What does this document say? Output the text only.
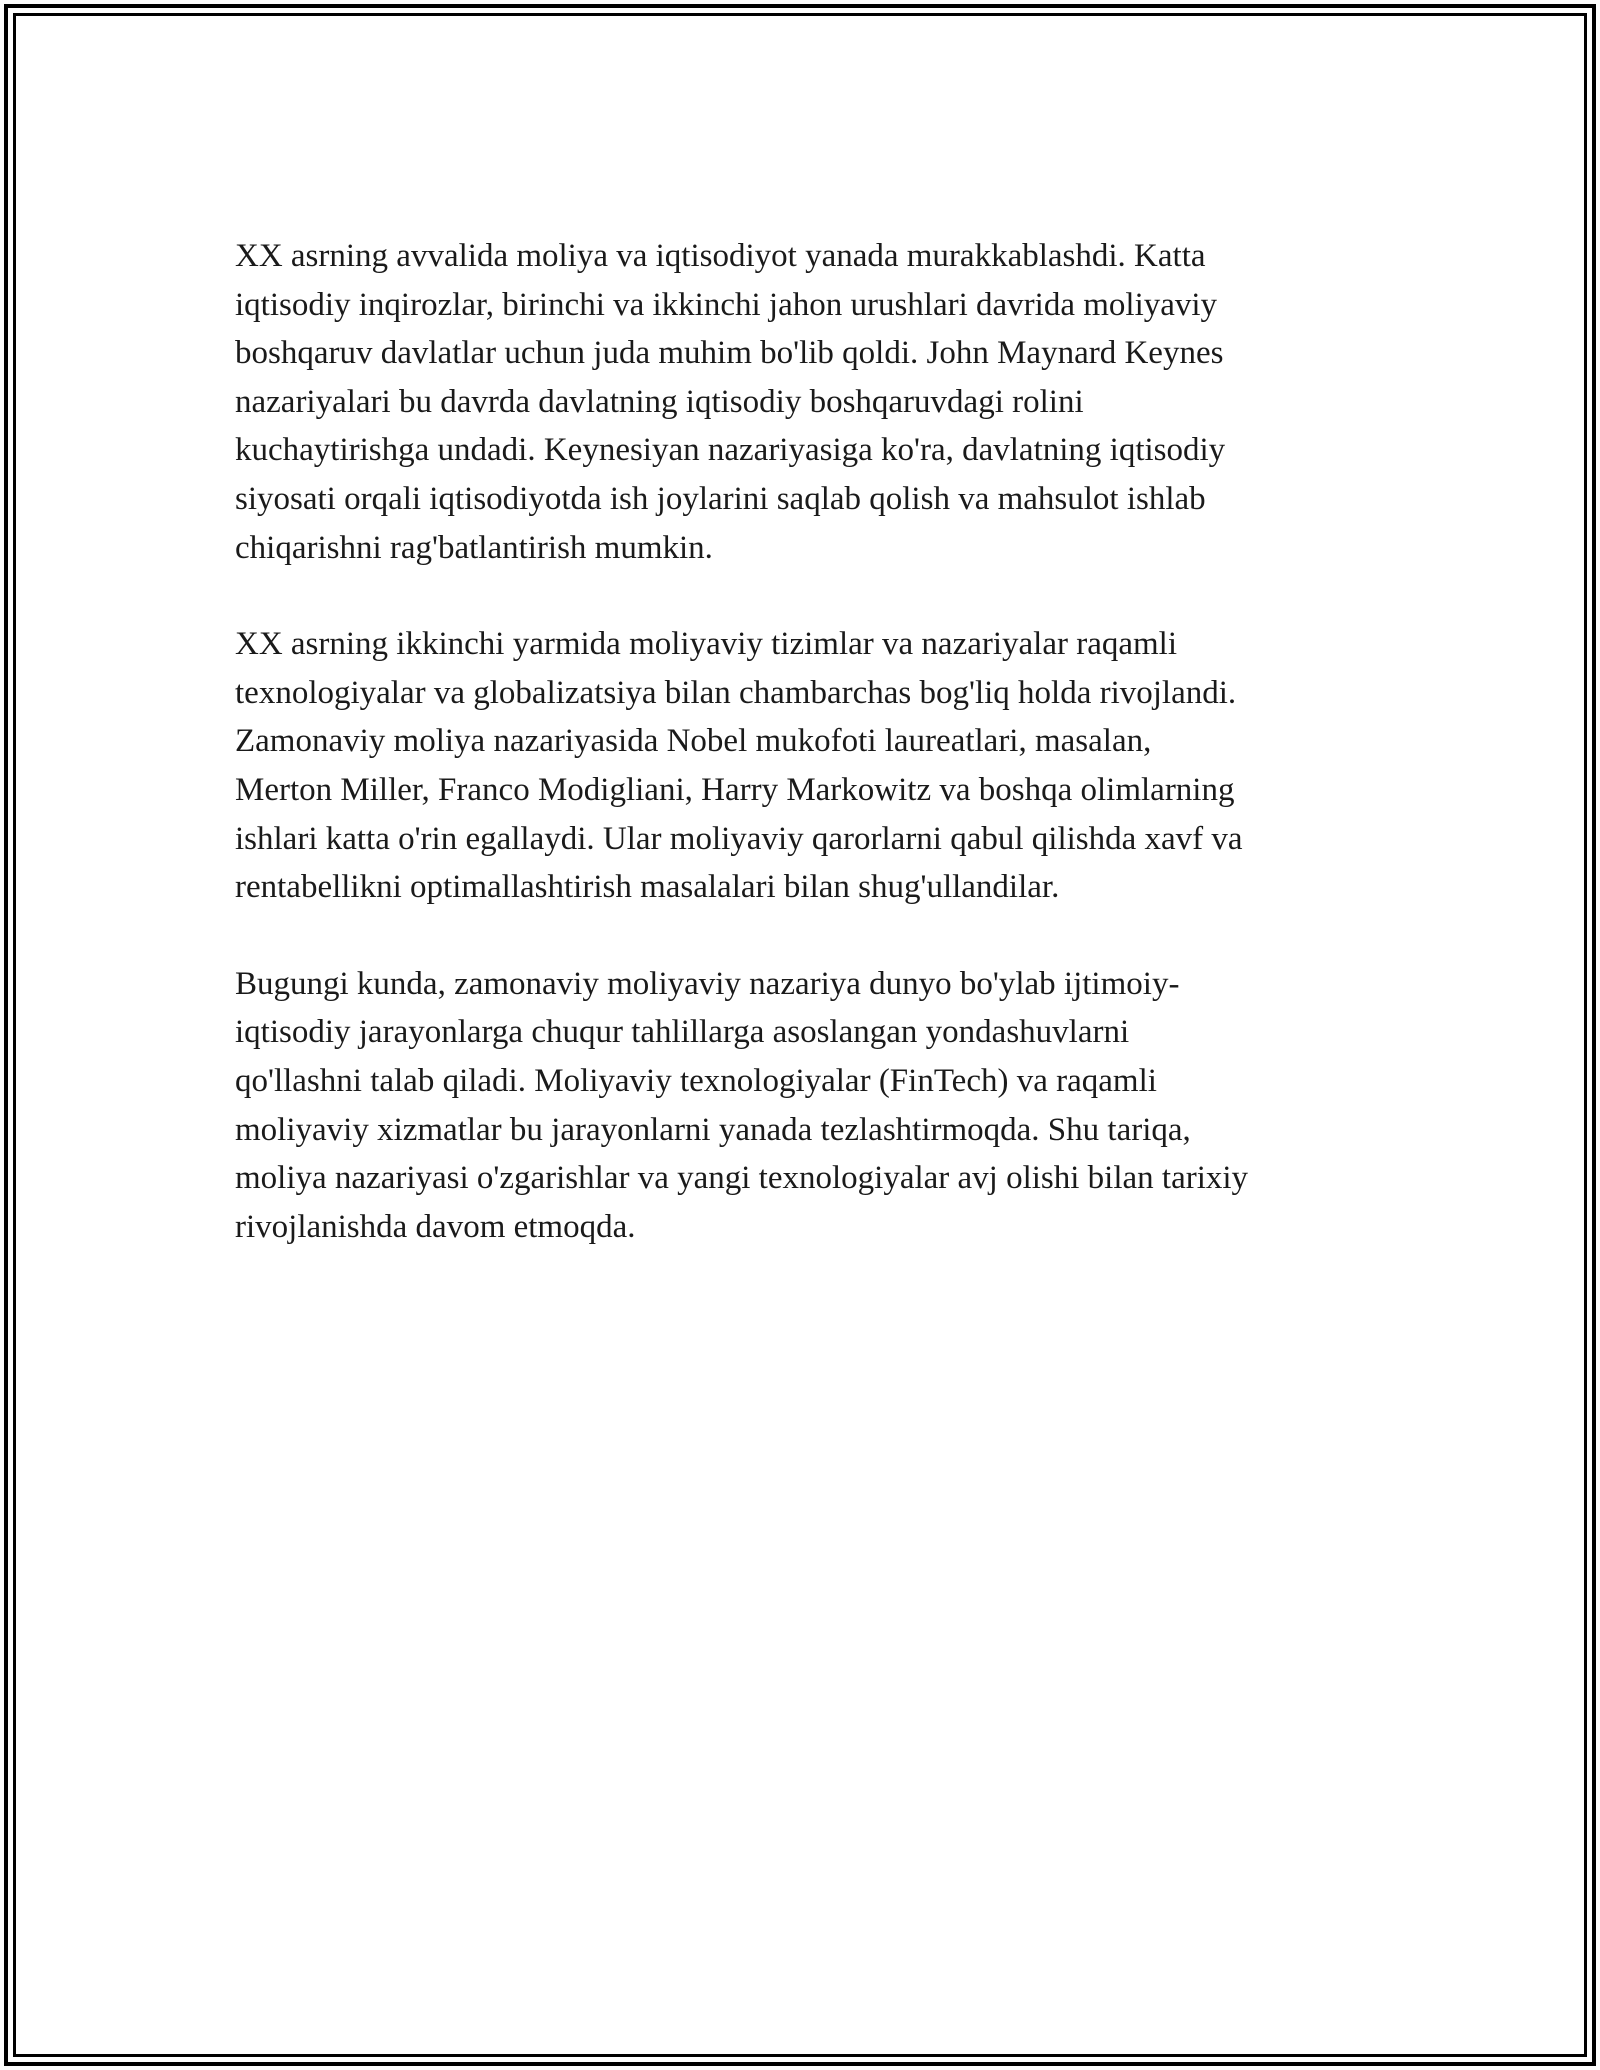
XX asrning avvalida moliya va iqtisodiyot yanada murakkablashdi. Katta
iqtisodiy inqirozlar, birinchi va ikkinchi jahon urushlari davrida moliyaviy
boshqaruv davlatlar uchun juda muhim bo'lib qoldi. John Maynard Keynes
nazariyalari bu davrda davlatning iqtisodiy boshqaruvdagi rolini
kuchaytirishga undadi. Keynesiyan nazariyasiga ko'ra, davlatning iqtisodiy
siyosati orqali iqtisodiyotda ish joylarini saqlab qolish va mahsulot ishlab
chiqarishni rag'batlantirish mumkin.

XX asrning ikkinchi yarmida moliyaviy tizimlar va nazariyalar raqamli
texnologiyalar va globalizatsiya bilan chambarchas bog'liq holda rivojlandi.
Zamonaviy moliya nazariyasida Nobel mukofoti laureatlari, masalan,
Merton Miller, Franco Modigliani, Harry Markowitz va boshqa olimlarning
ishlari katta o'rin egallaydi. Ular moliyaviy qarorlarni qabul qilishda xavf va
rentabellikni optimallashtirish masalalari bilan shug'ullandilar.

Bugungi kunda, zamonaviy moliyaviy nazariya dunyo bo'ylab ijtimoiy-
iqtisodiy jarayonlarga chuqur tahlillarga asoslangan yondashuvlarni
qo'llashni talab qiladi. Moliyaviy texnologiyalar (FinTech) va raqamli
moliyaviy xizmatlar bu jarayonlarni yanada tezlashtirmoqda. Shu tariqa,
moliya nazariyasi o'zgarishlar va yangi texnologiyalar avj olishi bilan tarixiy
rivojlanishda davom etmoqda.
